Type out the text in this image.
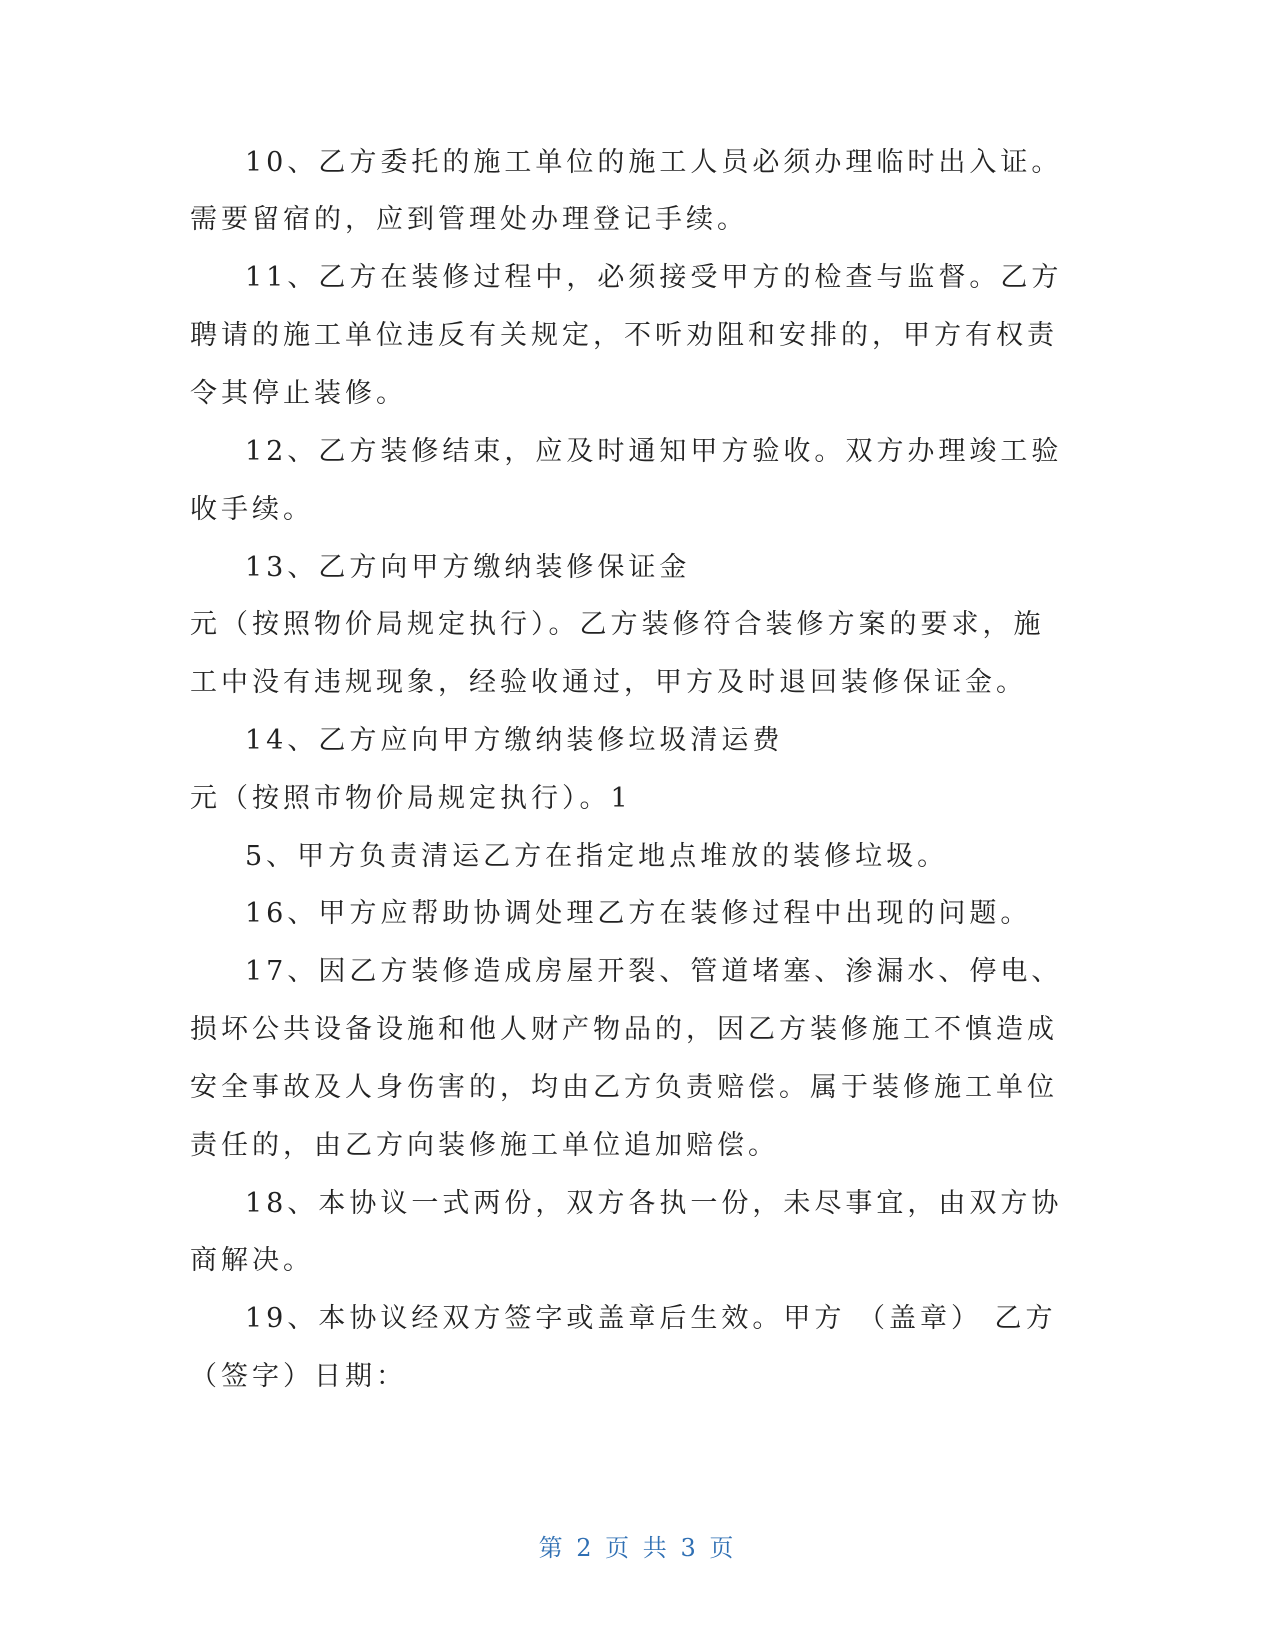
10、乙方委托的施工单位的施工人员必须办理临时出入证。
需要留宿的，应到管理处办理登记手续。
11、乙方在装修过程中，必须接受甲方的检查与监督。乙方
聘请的施工单位违反有关规定，不听劝阻和安排的，甲方有权责
令其停止装修。
12、乙方装修结束，应及时通知甲方验收。双方办理竣工验
收手续。
13、乙方向甲方缴纳装修保证金
元（按照物价局规定执行）。乙方装修符合装修方案的要求，施
工中没有违规现象，经验收通过，甲方及时退回装修保证金。
14、乙方应向甲方缴纳装修垃圾清运费
元（按照市物价局规定执行）。1
5、甲方负责清运乙方在指定地点堆放的装修垃圾。
16、甲方应帮助协调处理乙方在装修过程中出现的问题。
17、因乙方装修造成房屋开裂、管道堵塞、渗漏水、停电、
损坏公共设备设施和他人财产物品的，因乙方装修施工不慎造成
安全事故及人身伤害的，均由乙方负责赔偿。属于装修施工单位
责任的，由乙方向装修施工单位追加赔偿。
18、本协议一式两份，双方各执一份，未尽事宜，由双方协
商解决。
19、本协议经双方签字或盖章后生效。甲方 （盖章） 乙方
（签字）日期：
第 2 页 共 3 页
